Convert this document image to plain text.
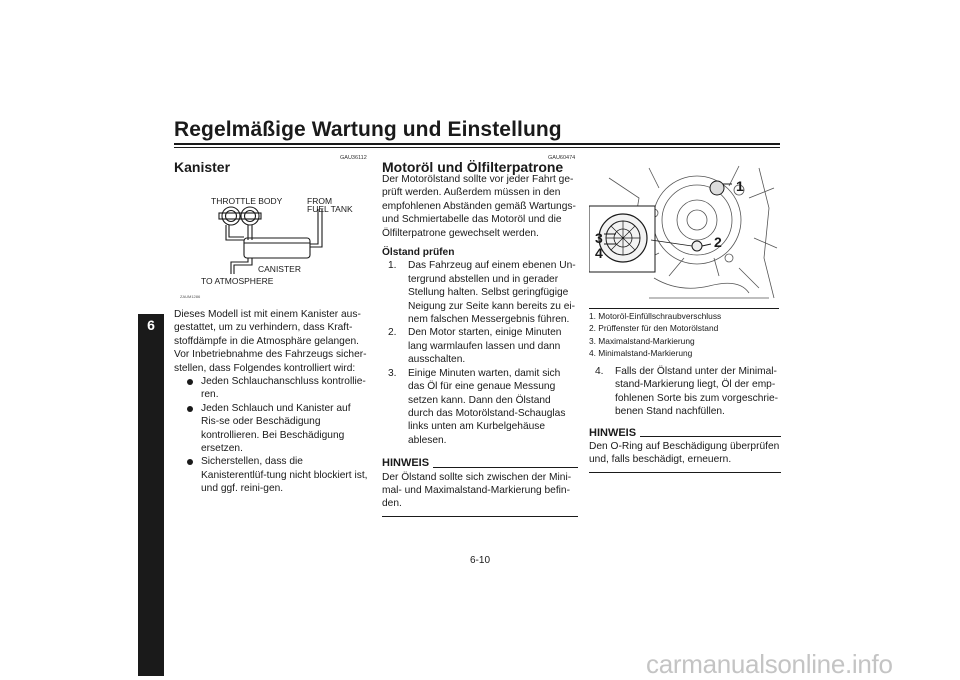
Regelmäßige Wartung und Einstellung
6
GAU36112
Kanister
THROTTLE BODY	FROM
FUEL TANK
CANISTER
TO ATMOSPHERE
ZAUM1286

Dieses Modell ist mit einem Kanister aus-gestattet, um zu verhindern, dass Kraft-stoffdämpfe in die Atmosphäre gelangen. Vor Inbetriebnahme des Fahrzeugs sicher-stellen, dass Folgendes kontrolliert wird:

Jeden Schlauchanschluss kontrollie-ren.
Jeden Schlauch und Kanister auf Ris-se oder Beschädigung kontrollieren. Bei Beschädigung ersetzen.
Sicherstellen, dass die Kanisterentlüf-tung nicht blockiert ist, und ggf. reini-gen.
GAU60474
Motoröl und Ölfilterpatrone

Der Motorölstand sollte vor jeder Fahrt ge-prüft werden. Außerdem müssen in den empfohlenen Abständen gemäß Wartungs- und Schmiertabelle das Motoröl und die Ölfilterpatrone gewechselt werden.

Ölstand prüfen

1. Das Fahrzeug auf einem ebenen Un-tergrund abstellen und in gerader Stellung halten. Selbst geringfügige Neigung zur Seite kann bereits zu ei-nem falschen Messergebnis führen.
2. Den Motor starten, einige Minuten lang warmlaufen lassen und dann ausschalten.
3. Einige Minuten warten, damit sich das Öl für eine genaue Messung setzen kann. Dann den Ölstand durch das Motorölstand-Schauglas links unten am Kurbelgehäuse ablesen.
HINWEIS

Der Ölstand sollte sich zwischen der Mini-mal- und Maximalstand-Markierung befin-den.

1
2
3
4
1. Motoröl-Einfüllschraubverschluss
2. Prüffenster für den Motorölstand
3. Maximalstand-Markierung
4. Minimalstand-Markierung
4. Falls der Ölstand unter der Minimal-stand-Markierung liegt, Öl der emp-fohlenen Sorte bis zum vorgeschrie-benen Stand nachfüllen.
HINWEIS

Den O-Ring auf Beschädigung überprüfen und, falls beschädigt, erneuern.

6-10
carmanualsonline.info
